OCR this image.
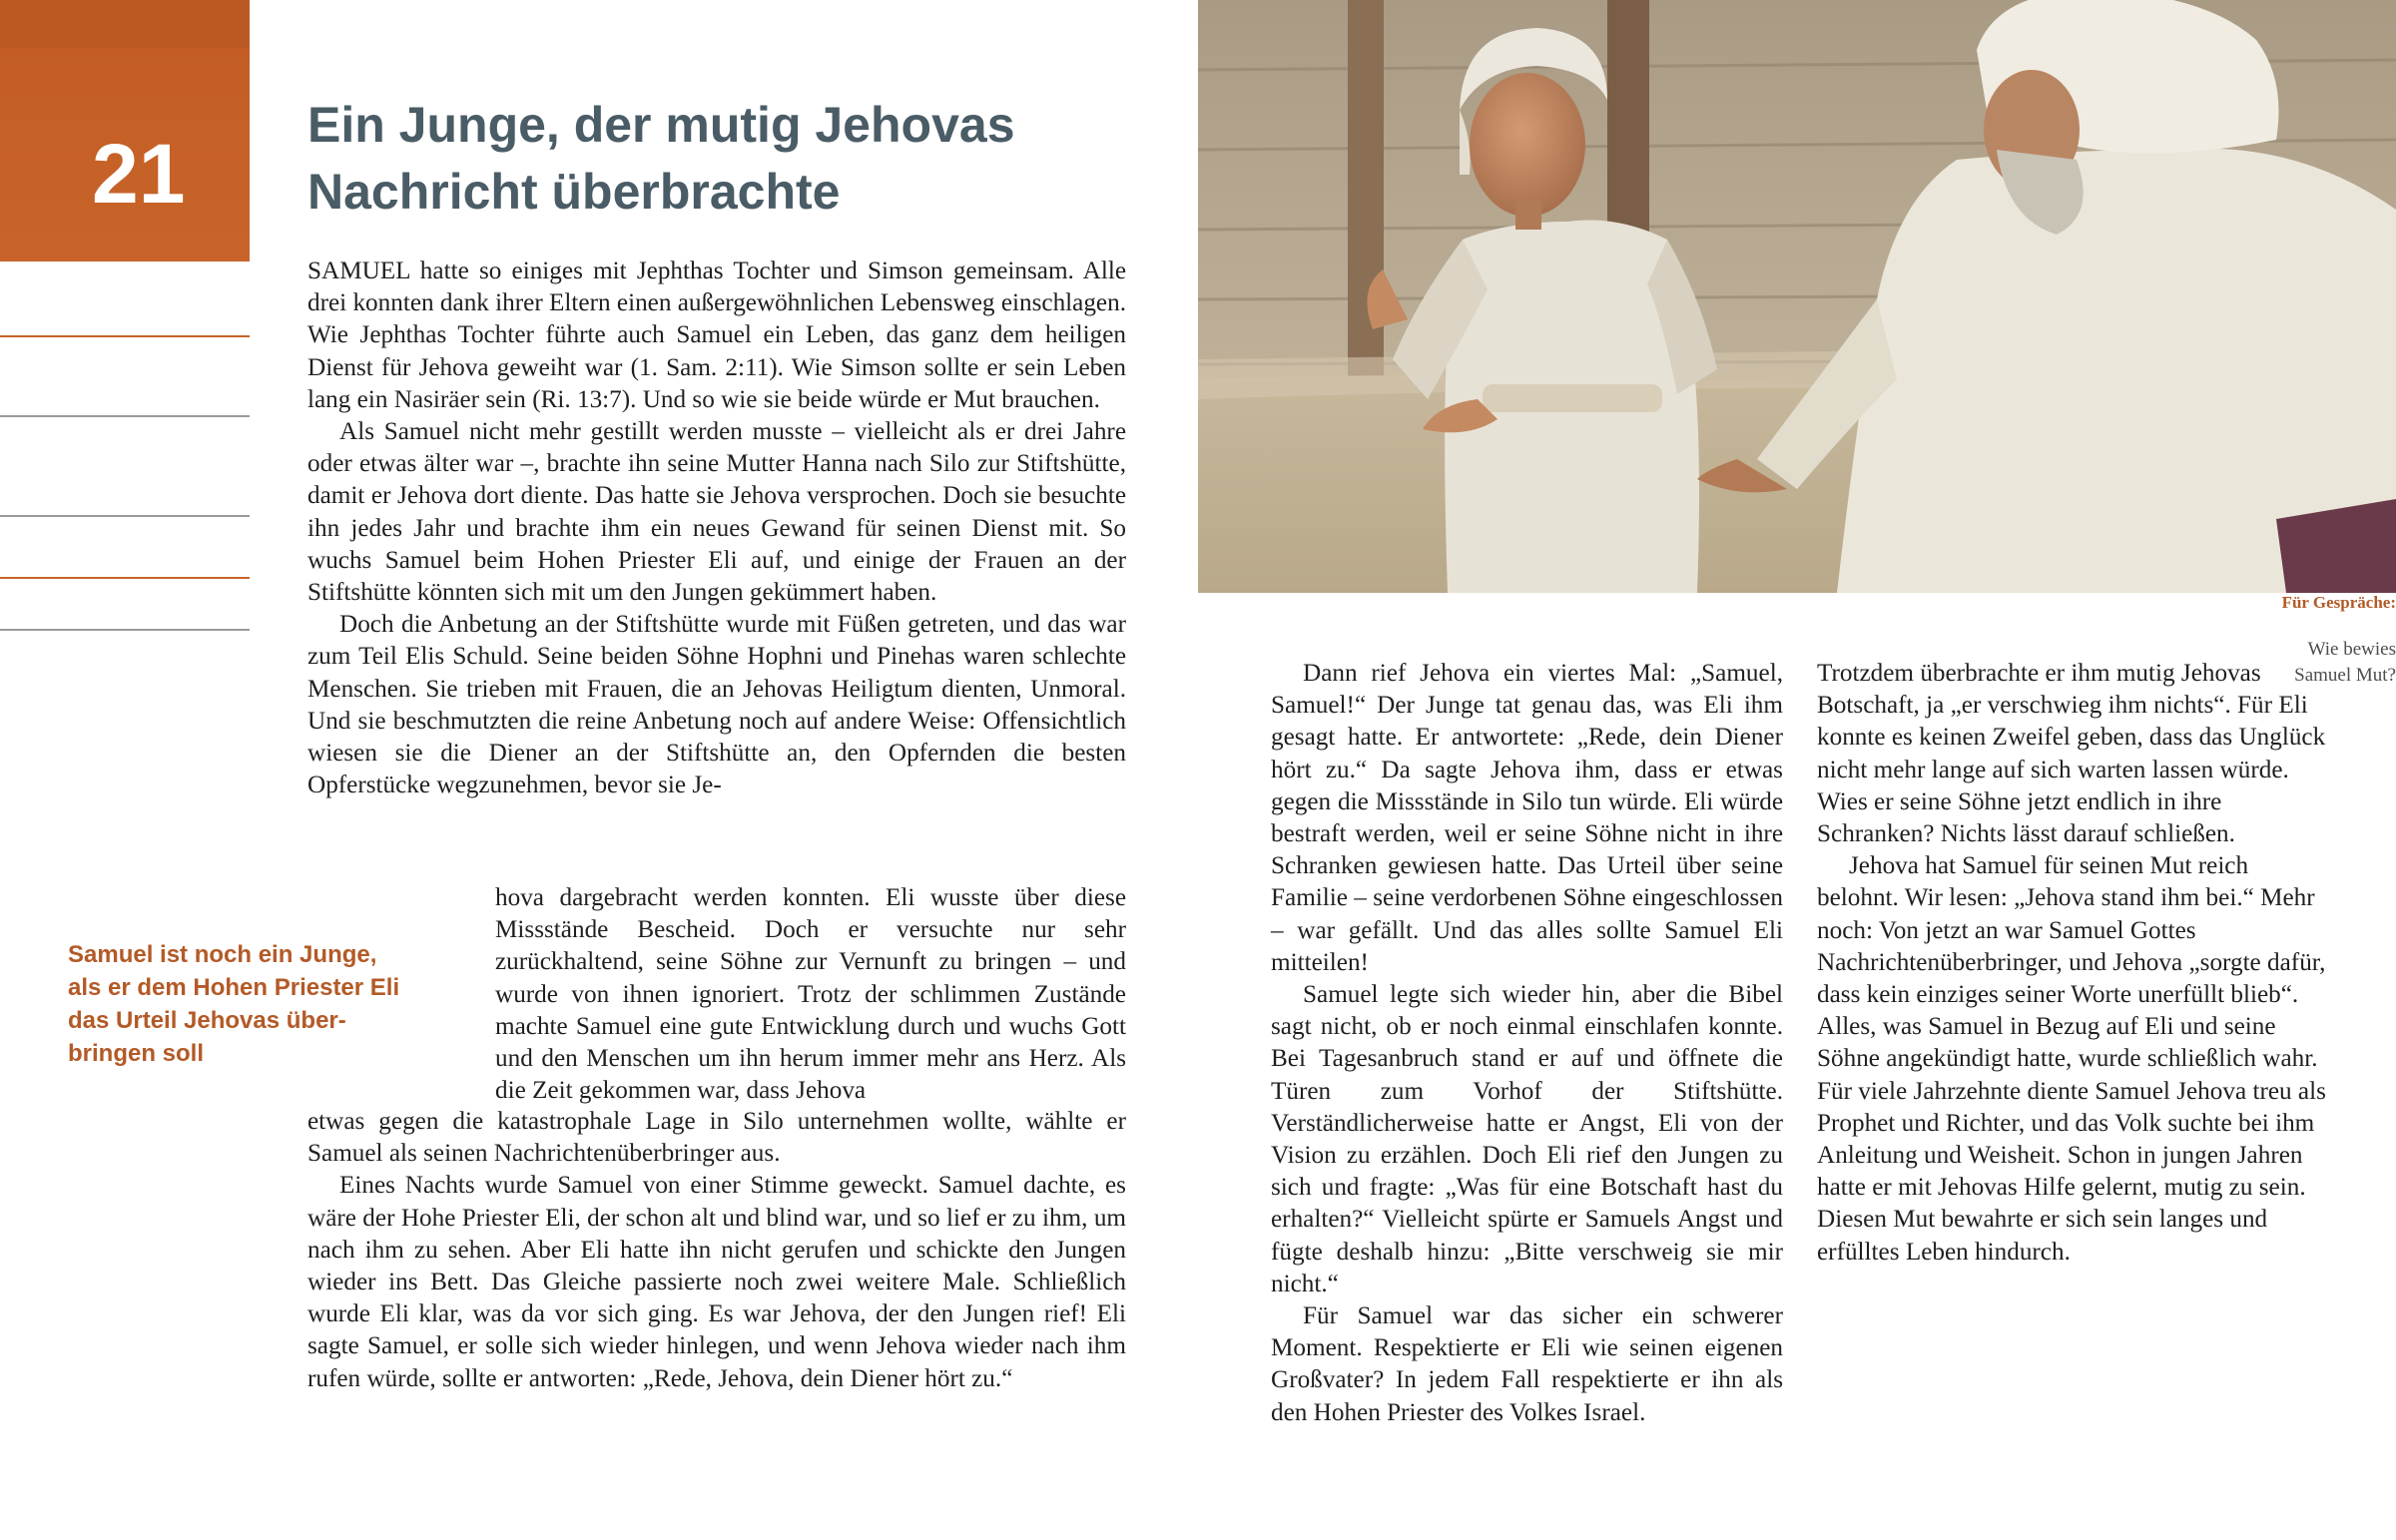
21
Für Gespräche:
Wie bewies
Samuel Mut?
Ein Junge, der mutig Jehovas
Nachricht überbrachte

SAMUEL hatte so einiges mit Jephthas Tochter und Simson gemeinsam. Alle drei konnten dank ihrer Eltern einen außergewöhnlichen Lebensweg einschlagen. Wie Jephthas Tochter führte auch Samuel ein Leben, das ganz dem heiligen Dienst für Jehova geweiht war (1. Sam. 2:11). Wie Simson sollte er sein Leben lang ein Nasiräer sein (Ri. 13:7). Und so wie sie beide würde er Mut brauchen.

Als Samuel nicht mehr gestillt werden musste – vielleicht als er drei Jahre oder etwas älter war –, brachte ihn seine Mutter Hanna nach Silo zur Stiftshütte, damit er Jehova dort diente. Das hatte sie Jehova versprochen. Doch sie besuchte ihn jedes Jahr und brachte ihm ein neues Gewand für seinen Dienst mit. So wuchs Samuel beim Hohen Priester Eli auf, und einige der Frauen an der Stiftshütte könnten sich mit um den Jungen gekümmert haben.

Doch die Anbetung an der Stiftshütte wurde mit Füßen getreten, und das war zum Teil Elis Schuld. Seine beiden Söhne Hophni und Pinehas waren schlechte Menschen. Sie trieben mit Frauen, die an Jehovas Heiligtum dienten, Unmoral. Und sie beschmutzten die reine Anbetung noch auf andere Weise: Offensichtlich wiesen sie die Diener an der Stiftshütte an, den Opfernden die besten Opferstücke wegzunehmen, bevor sie Je-

hova dargebracht werden konnten. Eli wusste über diese Missstände Bescheid. Doch er versuchte nur sehr zurückhaltend, seine Söhne zur Vernunft zu bringen – und wurde von ihnen ignoriert. Trotz der schlimmen Zustände machte Samuel eine gute Entwicklung durch und wuchs Gott und den Menschen um ihn herum immer mehr ans Herz. Als die Zeit gekommen war, dass Jehova

etwas gegen die katastrophale Lage in Silo unternehmen wollte, wählte er Samuel als seinen Nachrichtenüberbringer aus.

Eines Nachts wurde Samuel von einer Stimme geweckt. Samuel dachte, es wäre der Hohe Priester Eli, der schon alt und blind war, und so lief er zu ihm, um nach ihm zu sehen. Aber Eli hatte ihn nicht gerufen und schickte den Jungen wieder ins Bett. Das Gleiche passierte noch zwei weitere Male. Schließlich wurde Eli klar, was da vor sich ging. Es war Jehova, der den Jungen rief! Eli sagte Samuel, er solle sich wieder hinlegen, und wenn Jehova wieder nach ihm rufen würde, sollte er antworten: „Rede, Jehova, dein Diener hört zu.“

Samuel ist noch ein Junge,
als er dem Hohen Priester Eli
das Urteil Jehovas über-
bringen soll

Dann rief Jehova ein viertes Mal: „Samuel, Samuel!“ Der Junge tat genau das, was Eli ihm gesagt hatte. Er antwortete: „Rede, dein Diener hört zu.“ Da sagte Jehova ihm, dass er etwas gegen die Missstände in Silo tun würde. Eli würde bestraft werden, weil er seine Söhne nicht in ihre Schranken gewiesen hatte. Das Urteil über seine Familie – seine verdorbenen Söhne eingeschlossen – war gefällt. Und das alles sollte Samuel Eli mitteilen!

Samuel legte sich wieder hin, aber die Bibel sagt nicht, ob er noch einmal einschlafen konnte. Bei Tagesanbruch stand er auf und öffnete die Türen zum Vorhof der Stiftshütte. Verständlicherweise hatte er Angst, Eli von der Vision zu erzählen. Doch Eli rief den Jungen zu sich und fragte: „Was für eine Botschaft hast du erhalten?“ Vielleicht spürte er Samuels Angst und fügte deshalb hinzu: „Bitte verschweig sie mir nicht.“

Für Samuel war das sicher ein schwerer Moment. Respektierte er Eli wie seinen eigenen Großvater? In jedem Fall respektierte er ihn als den Hohen Priester des Volkes Israel.

Trotzdem überbrachte er ihm mutig Jehovas Botschaft, ja „er verschwieg ihm nichts“. Für Eli konnte es keinen Zweifel geben, dass das Unglück nicht mehr lange auf sich warten lassen würde. Wies er seine Söhne jetzt endlich in ihre Schranken? Nichts lässt darauf schließen.

Jehova hat Samuel für seinen Mut reich belohnt. Wir lesen: „Jehova stand ihm bei.“ Mehr noch: Von jetzt an war Samuel Gottes Nachrichtenüberbringer, und Jehova „sorgte dafür, dass kein einziges seiner Worte unerfüllt blieb“. Alles, was Samuel in Bezug auf Eli und seine Söhne angekündigt hatte, wurde schließlich wahr. Für viele Jahrzehnte diente Samuel Jehova treu als Prophet und Richter, und das Volk suchte bei ihm Anleitung und Weisheit. Schon in jungen Jahren hatte er mit Jehovas Hilfe gelernt, mutig zu sein. Diesen Mut bewahrte er sich sein langes und erfülltes Leben hindurch.
